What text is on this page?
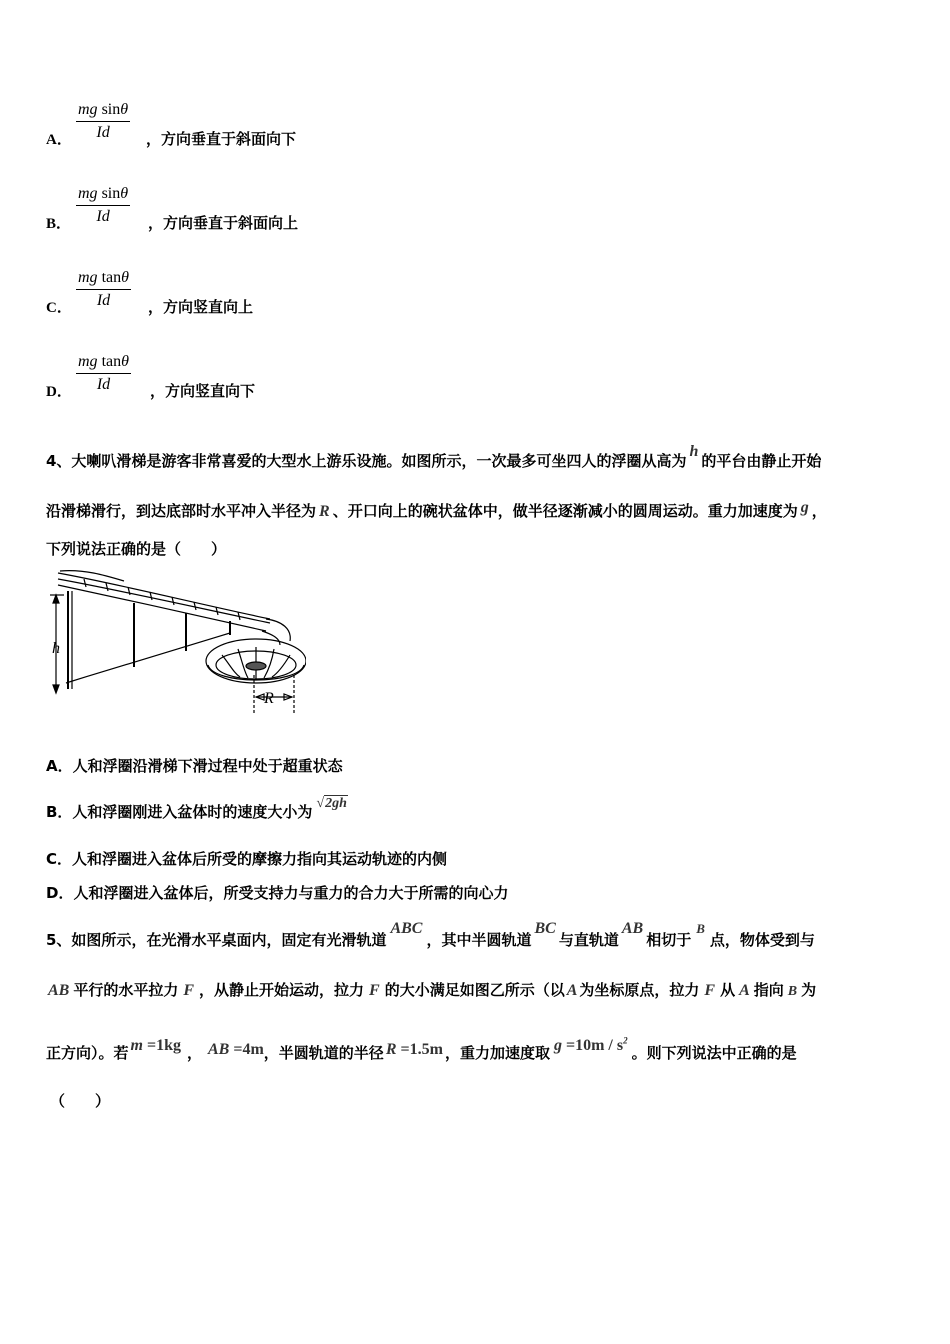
A．
mg sinθ
Id	，方向垂直于斜面向下
B．
mg sinθ
Id	，方向垂直于斜面向上
C．
mg tanθ
Id	，方向竖直向上
D．
mg tanθ
Id	，方向竖直向下
4、大喇叭滑梯是游客非常喜爱的大型水上游乐设施。如图所示，一次最多可坐四人的浮圈从高为h的平台由静止开始
沿滑梯滑行，到达底部时水平冲入半径为 R 、开口向上的碗状盆体中，做半径逐渐减小的圆周运动。重力加速度为 g ，
下列说法正确的是（　　）
h
R
A．人和浮圈沿滑梯下滑过程中处于超重状态
B．人和浮圈刚进入盆体时的速度大小为 √2gh
C．人和浮圈进入盆体后所受的摩擦力指向其运动轨迹的内侧
D．人和浮圈进入盆体后，所受支持力与重力的合力大于所需的向心力
5、如图所示，在光滑水平桌面内，固定有光滑轨道ABC，其中半圆轨道BC与直轨道AB相切于B点，物体受到与
AB 平行的水平拉力 F ，从静止开始运动，拉力 F 的大小满足如图乙所示（以 A 为坐标原点，拉力 F 从 A 指向 B 为
正方向）。若 m =1kg ， AB =4m，半圆轨道的半径 R =1.5m ，重力加速度取 $g =10m / s^2$。则下列说法中正确的是
（　　）
